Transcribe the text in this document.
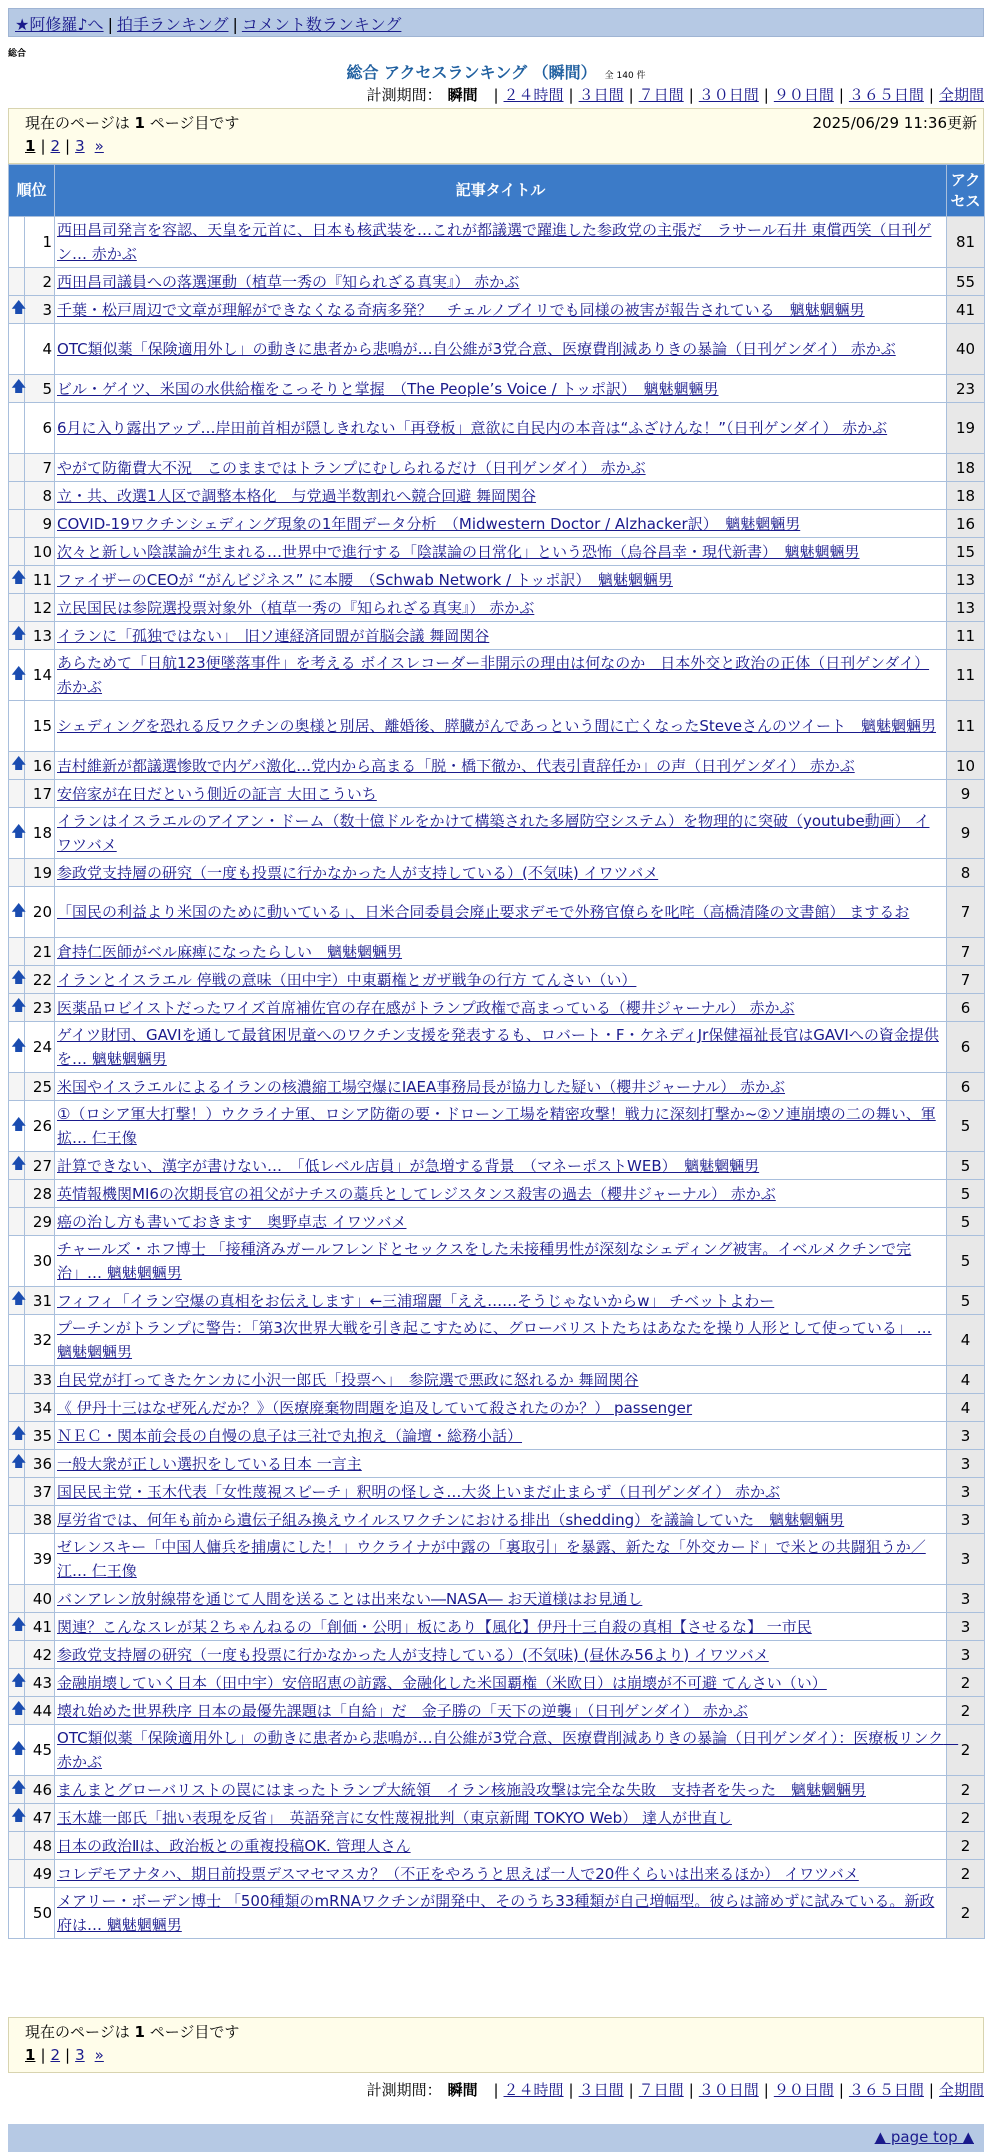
★阿修羅♪へ | 拍手ランキング | コメント数ランキング
総合
総合 アクセスランキング （瞬間） 全 140 件
計測期間： 瞬間 | ２４時間 | ３日間 | ７日間 | ３０日間 | ９０日間 | ３６５日間 | 全期間
現在のページは 1 ページ目です	2025/06/29 11:36更新
1 | 2 | 3 »
順位		記事タイトル	アクセス
	1	西田昌司発言を容認、天皇を元首に、日本も核武装を…これが都議選で躍進した参政党の主張だ　ラサール石井 東償西笑（日刊ゲン… 赤かぶ	81
	2	西田昌司議員への落選運動（植草一秀の『知られざる真実』） 赤かぶ	55
🡅	3	千葉・松戸周辺で文章が理解ができなくなる奇病多発？　チェルノブイリでも同様の被害が報告されている　魑魅魍魎男	41
	4	OTC類似薬「保険適用外し」の動きに患者から悲鳴が…自公維が3党合意、医療費削減ありきの暴論（日刊ゲンダイ） 赤かぶ	40
🡅	5	ビル・ゲイツ、米国の水供給権をこっそりと掌握　（The People’s Voice / トッポ訳）　魑魅魍魎男	23
	6	6月に入り露出アップ…岸田前首相が隠しきれない「再登板」意欲に自民内の本音は“ふざけんな！”（日刊ゲンダイ） 赤かぶ	19
	7	やがて防衛費大不況　このままではトランプにむしられるだけ（日刊ゲンダイ） 赤かぶ	18
	8	立・共、改選1人区で調整本格化　与党過半数割れへ競合回避 舞岡関谷	18
	9	COVID-19ワクチンシェディング現象の1年間データ分析　（Midwestern Doctor / Alzhacker訳）　魑魅魍魎男	16
	10	次々と新しい陰謀論が生まれる…世界中で進行する「陰謀論の日常化」という恐怖（烏谷昌幸・現代新書）　魑魅魍魎男	15
🡅	11	ファイザーのCEOが “がんビジネス” に本腰　（Schwab Network / トッポ訳）　魑魅魍魎男	13
	12	立民国民は参院選投票対象外（植草一秀の『知られざる真実』） 赤かぶ	13
🡅	13	イランに「孤独ではない」　旧ソ連経済同盟が首脳会議 舞岡関谷	11
🡅	14	あらためて「日航123便墜落事件」を考える ボイスレコーダー非開示の理由は何なのか　日本外交と政治の正体（日刊ゲンダイ） 赤かぶ	11
	15	シェディングを恐れる反ワクチンの奥様と別居、離婚後、膵臓がんであっという間に亡くなったSteveさんのツイート　魑魅魍魎男	11
🡅	16	吉村維新が都議選惨敗で内ゲバ激化…党内から高まる「脱・橋下徹か、代表引責辞任か」の声（日刊ゲンダイ） 赤かぶ	10
	17	安倍家が在日だという側近の証言 大田こういち	9
🡅	18	イランはイスラエルのアイアン・ドーム（数十億ドルをかけて構築された多層防空システム）を物理的に突破（youtube動画） イワツバメ	9
	19	参政党支持層の研究（一度も投票に行かなかった人が支持している）(不気味) イワツバメ	8
🡅	20	「国民の利益より米国のために動いている」、日米合同委員会廃止要求デモで外務官僚らを叱咤（高橋清隆の文書館） まするお	7
	21	倉持仁医師がベル麻痺になったらしい　魑魅魍魎男	7
🡅	22	イランとイスラエル 停戦の意味（田中宇）中東覇権とガザ戦争の行方 てんさい（い）	7
🡅	23	医薬品ロビイストだったワイズ首席補佐官の存在感がトランプ政権で高まっている（櫻井ジャーナル） 赤かぶ	6
🡅	24	ゲイツ財団、GAVIを通して最貧困児童へのワクチン支援を発表するも、ロバート・F・ケネディJr保健福祉長官はGAVIへの資金提供を… 魑魅魍魎男	6
	25	米国やイスラエルによるイランの核濃縮工場空爆にIAEA事務局長が協力した疑い（櫻井ジャーナル） 赤かぶ	6
🡅	26	①（ロシア軍大打撃！）ウクライナ軍、ロシア防衛の要・ドローン工場を精密攻撃！戦力に深刻打撃か~②ソ連崩壊の二の舞い、軍拡… 仁王像	5
🡅	27	計算できない、漢字が書けない…　「低レベル店員」が急増する背景　（マネーポストWEB）　魑魅魍魎男	5
	28	英情報機関MI6の次期長官の祖父がナチスの藁兵としてレジスタンス殺害の過去（櫻井ジャーナル） 赤かぶ	5
	29	癌の治し方も書いておきます　奥野卓志 イワツバメ	5
	30	チャールズ・ホフ博士 「接種済みガールフレンドとセックスをした未接種男性が深刻なシェディング被害。イベルメクチンで完治」… 魑魅魍魎男	5
🡅	31	フィフィ「イラン空爆の真相をお伝えします」←三浦瑠麗「ええ……そうじゃないからw」 チベットよわー	5
	32	プーチンがトランプに警告：「第3次世界大戦を引き起こすために、グローバリストたちはあなたを操り人形として使っている」 … 魑魅魍魎男	4
	33	自民党が打ってきたケンカに小沢一郎氏「投票へ」　参院選で悪政に怒れるか 舞岡関谷	4
	34	《 伊丹十三はなぜ死んだか？》（医療廃棄物問題を追及していて殺されたのか？） passenger	4
🡅	35	ＮＥＣ・関本前会長の自慢の息子は三社で丸抱え（論壇・総務小話）	3
🡅	36	一般大衆が正しい選択をしている日本 一言主	3
	37	国民民主党・玉木代表「女性蔑視スピーチ」釈明の怪しさ…大炎上いまだ止まらず（日刊ゲンダイ） 赤かぶ	3
	38	厚労省では、何年も前から遺伝子組み換えウイルスワクチンにおける排出（shedding）を議論していた　魑魅魍魎男	3
	39	ゼレンスキー「中国人傭兵を捕虜にした！」ウクライナが中露の「裏取引」を暴露、新たな「外交カード」で米との共闘狙うか／江… 仁王像	3
	40	バンアレン放射線帯を通じて人間を送ることは出来ない―NASA― お天道様はお見通し	3
🡅	41	関連？こんなスレが某２ちゃんねるの「創価・公明」板にあり【風化】伊丹十三自殺の真相【させるな】 一市民	3
	42	参政党支持層の研究（一度も投票に行かなかった人が支持している）(不気味) (昼休み56より) イワツバメ	3
🡅	43	金融崩壊していく日本（田中宇）安倍昭恵の訪露、金融化した米国覇権（米欧日）は崩壊が不可避 てんさい（い）	2
🡅	44	壊れ始めた世界秩序 日本の最優先課題は「自給」だ　金子勝の「天下の逆襲」（日刊ゲンダイ） 赤かぶ	2
🡅	45	OTC類似薬「保険適用外し」の動きに患者から悲鳴が…自公維が3党合意、医療費削減ありきの暴論（日刊ゲンダイ）：医療板リンク　赤かぶ	2
🡅	46	まんまとグローバリストの罠にはまったトランプ大統領　イラン核施設攻撃は完全な失敗　支持者を失った　魑魅魍魎男	2
🡅	47	玉木雄一郎氏「拙い表現を反省」　英語発言に女性蔑視批判（東京新聞 TOKYO Web） 達人が世直し	2
	48	日本の政治Ⅱは、政治板との重複投稿OK. 管理人さん	2
	49	コレデモアナタハ、期日前投票デスマセマスカ？（不正をやろうと思えば一人で20件くらいは出来るほか） イワツバメ	2
	50	メアリー・ボーデン博士 「500種類のmRNAワクチンが開発中、そのうち33種類が自己増幅型。彼らは諦めずに試みている。新政府は… 魑魅魍魎男	2
現在のページは 1 ページ目です
1 | 2 | 3 »
計測期間： 瞬間 | ２４時間 | ３日間 | ７日間 | ３０日間 | ９０日間 | ３６５日間 | 全期間
▲ page top ▲
